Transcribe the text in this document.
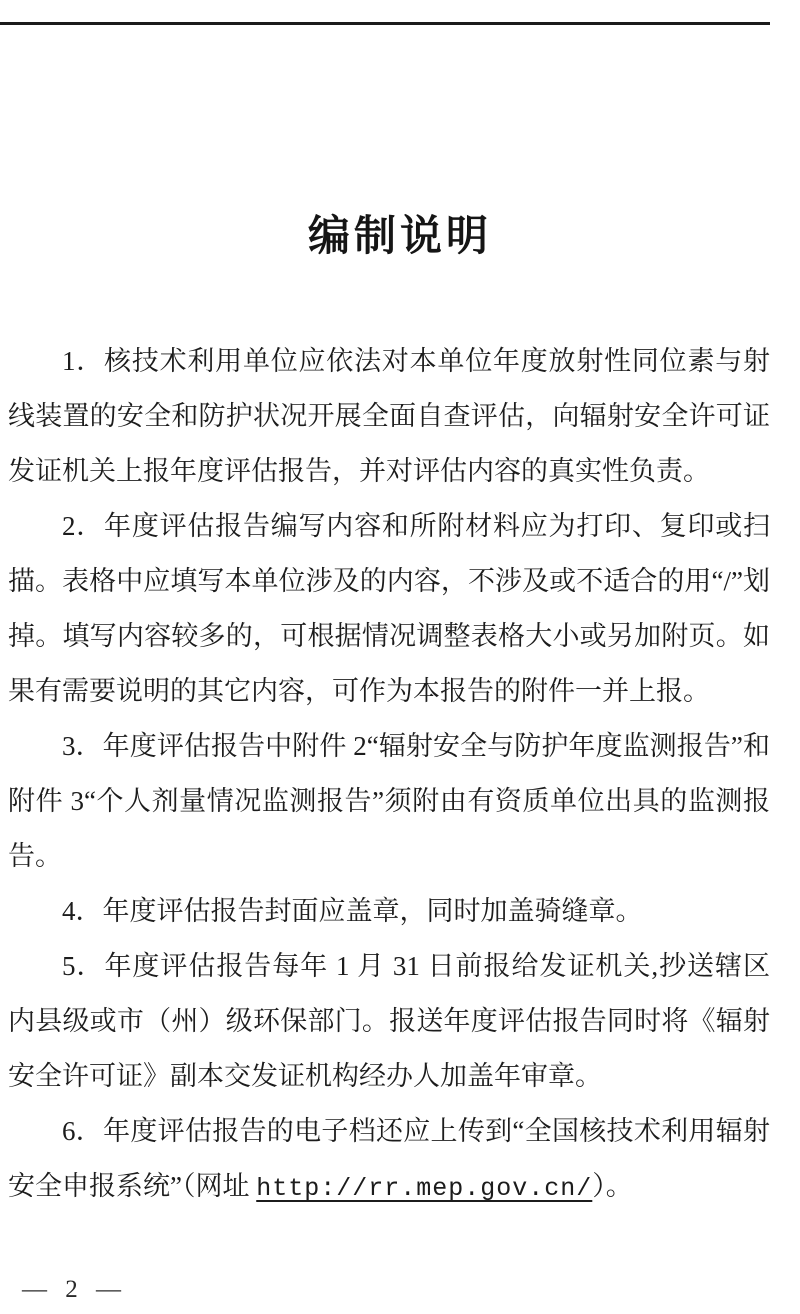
编制说明

1．核技术利用单位应依法对本单位年度放射性同位素与射线装置的安全和防护状况开展全面自查评估，向辐射安全许可证发证机关上报年度评估报告，并对评估内容的真实性负责。

2．年度评估报告编写内容和所附材料应为打印、复印或扫描。表格中应填写本单位涉及的内容，不涉及或不适合的用“/”划掉。填写内容较多的，可根据情况调整表格大小或另加附页。如果有需要说明的其它内容，可作为本报告的附件一并上报。

3．年度评估报告中附件 2“辐射安全与防护年度监测报告”和附件 3“个人剂量情况监测报告”须附由有资质单位出具的监测报告。

4．年度评估报告封面应盖章，同时加盖骑缝章。

5．年度评估报告每年 1 月 31 日前报给发证机关,抄送辖区内县级或市（州）级环保部门。报送年度评估报告同时将《辐射安全许可证》副本交发证机构经办人加盖年审章。

6．年度评估报告的电子档还应上传到“全国核技术利用辐射安全申报系统”（网址 http://rr.mep.gov.cn/）。

— 2 —
